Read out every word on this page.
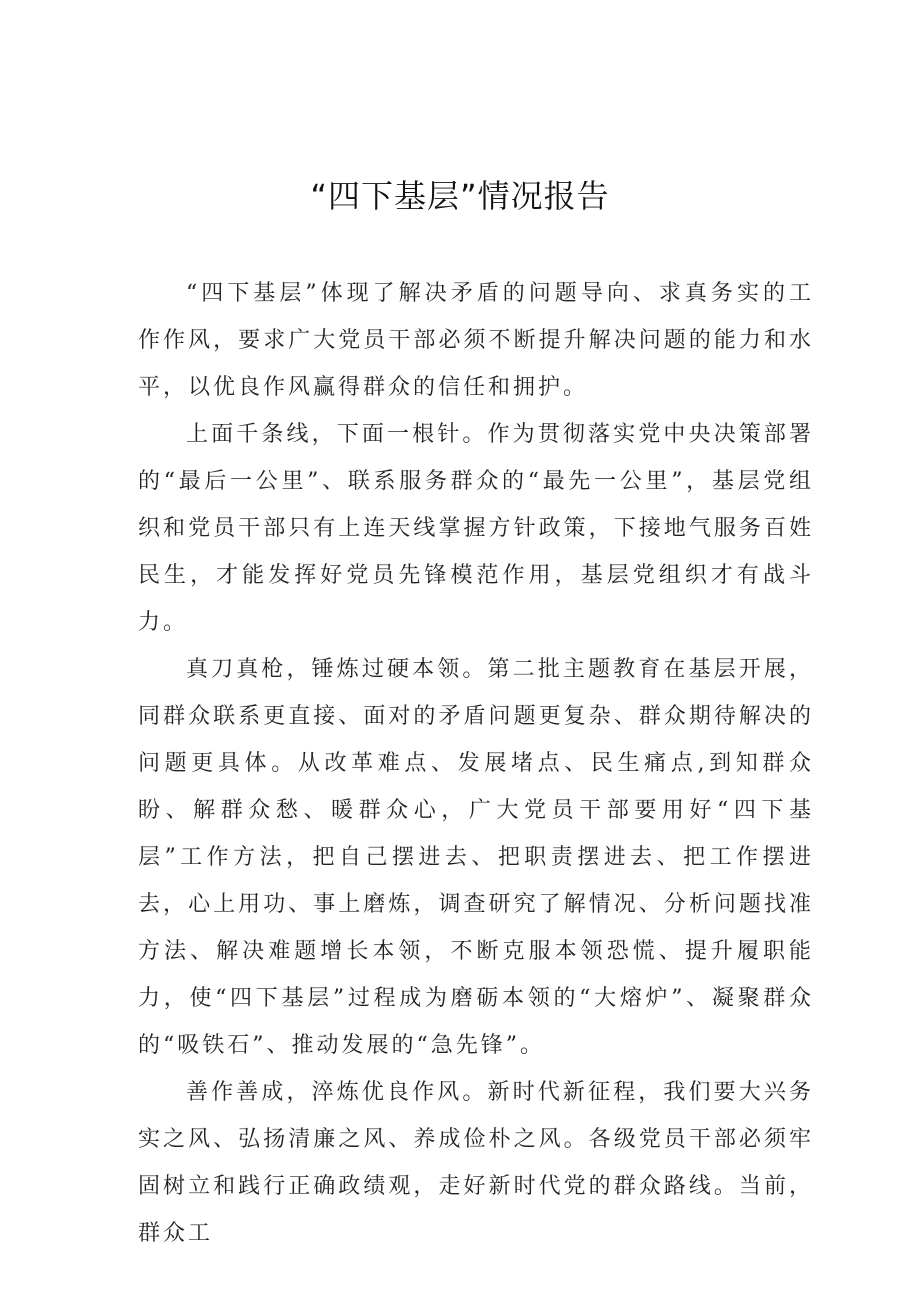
“四下基层”情况报告

“四下基层”体现了解决矛盾的问题导向、求真务实的工作作风，要求广大党员干部必须不断提升解决问题的能力和水平，以优良作风赢得群众的信任和拥护。

上面千条线，下面一根针。作为贯彻落实党中央决策部署的“最后一公里”、联系服务群众的“最先一公里”，基层党组织和党员干部只有上连天线掌握方针政策，下接地气服务百姓民生，才能发挥好党员先锋模范作用，基层党组织才有战斗力。

真刀真枪，锤炼过硬本领。第二批主题教育在基层开展，同群众联系更直接、面对的矛盾问题更复杂、群众期待解决的问题更具体。从改革难点、发展堵点、民生痛点,到知群众盼、解群众愁、暖群众心，广大党员干部要用好“四下基层”工作方法，把自己摆进去、把职责摆进去、把工作摆进去，心上用功、事上磨炼，调查研究了解情况、分析问题找准方法、解决难题增长本领，不断克服本领恐慌、提升履职能力，使“四下基层”过程成为磨砺本领的“大熔炉”、凝聚群众的“吸铁石”、推动发展的“急先锋”。

善作善成，淬炼优良作风。新时代新征程，我们要大兴务实之风、弘扬清廉之风、养成俭朴之风。各级党员干部必须牢固树立和践行正确政绩观，走好新时代党的群众路线。当前，群众工
